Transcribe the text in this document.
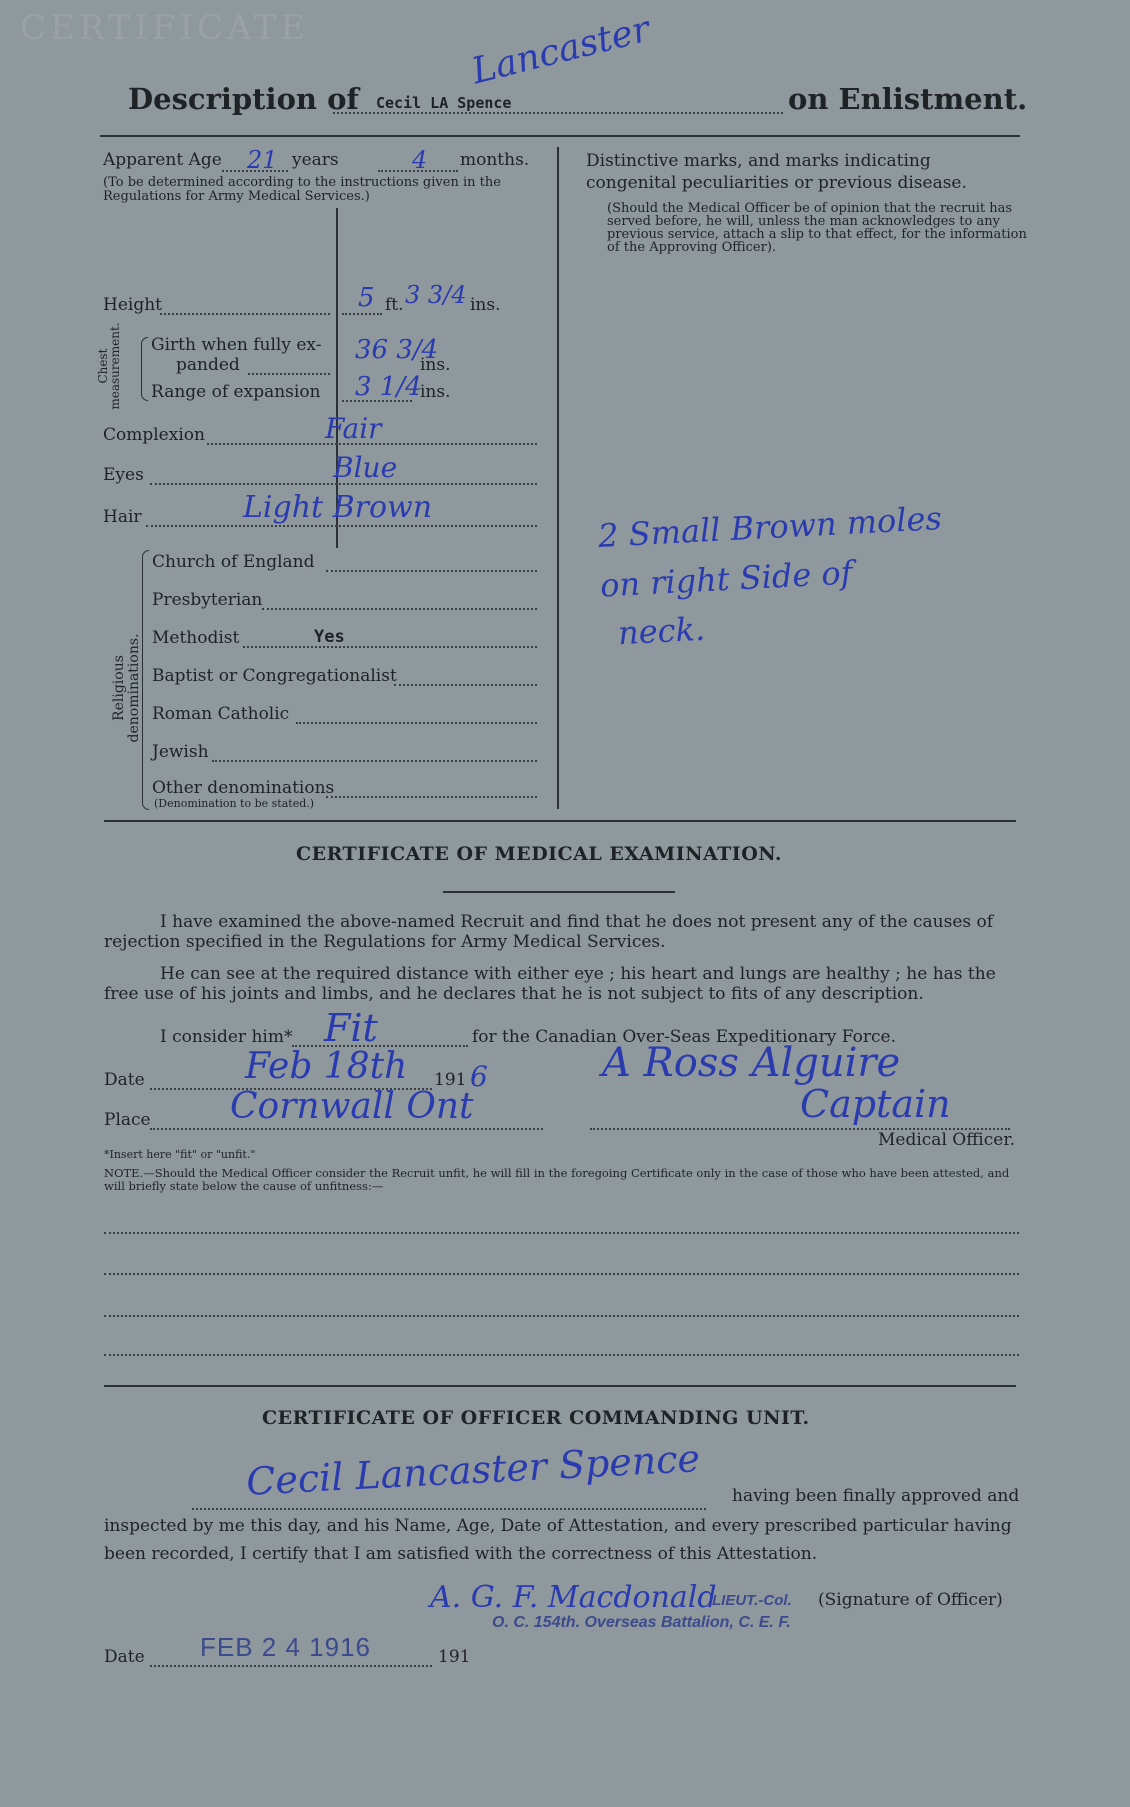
CERTIFICATE
Description of Cecil LA Spence
Lancaster
on Enlistment.
Apparent Age 21 years	4 months.
(To be determined according to the instructions given in the Regulations for Army Medical Services.)
Distinctive marks, and marks indicating congenital peculiarities or previous disease.
(Should the Medical Officer be of opinion that the recruit has served before, he will, unless the man acknowledges to any previous service, attach a slip to that effect, for the information of the Approving Officer).
2 Small Brown moles
on right Side of
neck.
Height	5 ft. 3 3/4 ins.
Chest measurement. Girth when fully ex-
panded	36 3/4
ins.
Range of expansion 3 1/4
ins.
Complexion	Fair
Eyes	Blue
Hair	Light Brown
Religious denominations.
Church of England
Presbyterian
Methodist	Yes
Baptist or Congregationalist
Roman Catholic
Jewish
Other denominations
(Denomination to be stated.)
CERTIFICATE OF MEDICAL EXAMINATION.
I have examined the above-named Recruit and find that he does not present any of the causes of rejection specified in the Regulations for Army Medical Services.
He can see at the required distance with either eye ; his heart and lungs are healthy ; he has the free use of his joints and limbs, and he declares that he is not subject to fits of any description.
I consider him* Fit	for the Canadian Over-Seas Expeditionary Force.
Date	Feb 18th 191 6
Place Cornwall Ont
A Ross Alguire
Captain
Medical Officer.
*Insert here "fit" or "unfit."
NOTE.—Should the Medical Officer consider the Recruit unfit, he will fill in the foregoing Certificate only in the case of those who have been attested, and will briefly state below the cause of unfitness:—
CERTIFICATE OF OFFICER COMMANDING UNIT.
Cecil Lancaster Spence having been finally approved and
inspected by me this day, and his Name, Age, Date of Attestation, and every prescribed particular having
been recorded, I certify that I am satisfied with the correctness of this Attestation.
A. G. F. Macdonald
LIEUT.-Col. (Signature of Officer)
O. C. 154th. Overseas Battalion, C. E. F.
Date FEB 2 4 1916	191
